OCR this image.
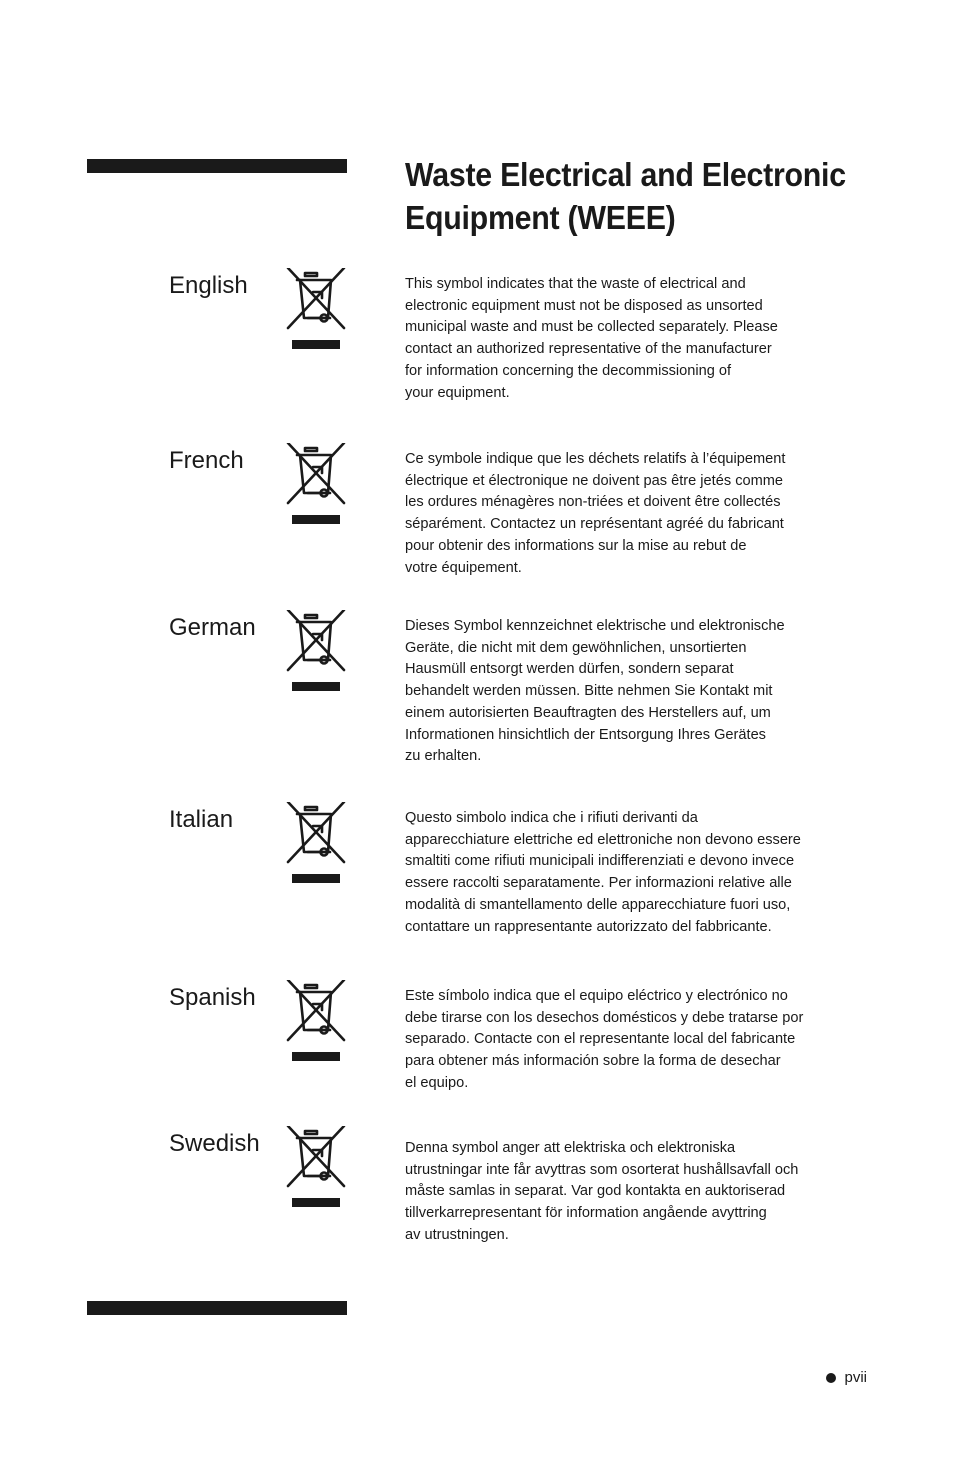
Waste Electrical and Electronic Equipment (WEEE)
English	This symbol indicates that the waste of electrical and
electronic equipment must not be disposed as unsorted
municipal waste and must be collected separately. Please
contact an authorized representative of the manufacturer
for information concerning the decommissioning of
your equipment.

French	Ce symbole indique que les déchets relatifs à l’équipement
électrique et électronique ne doivent pas être jetés comme
les ordures ménagères non-triées et doivent être collectés
séparément. Contactez un représentant agréé du fabricant
pour obtenir des informations sur la mise au rebut de
votre équipement.

German	Dieses Symbol kennzeichnet elektrische und elektronische
Geräte, die nicht mit dem gewöhnlichen, unsortierten
Hausmüll entsorgt werden dürfen, sondern separat
behandelt werden müssen. Bitte nehmen Sie Kontakt mit
einem autorisierten Beauftragten des Herstellers auf, um
Informationen hinsichtlich der Entsorgung Ihres Gerätes
zu erhalten.

Italian	Questo simbolo indica che i rifiuti derivanti da
apparecchiature elettriche ed elettroniche non devono essere
smaltiti come rifiuti municipali indifferenziati e devono invece
essere raccolti separatamente. Per informazioni relative alle
modalità di smantellamento delle apparecchiature fuori uso,
contattare un rappresentante autorizzato del fabbricante.

Spanish	Este símbolo indica que el equipo eléctrico y electrónico no
debe tirarse con los desechos domésticos y debe tratarse por
separado. Contacte con el representante local del fabricante
para obtener más información sobre la forma de desechar
el equipo.

Swedish	Denna symbol anger att elektriska och elektroniska
utrustningar inte får avyttras som osorterat hushållsavfall och
måste samlas in separat. Var god kontakta en auktoriserad
tillverkarrepresentant för information angående avyttring
av utrustningen.

pvii
